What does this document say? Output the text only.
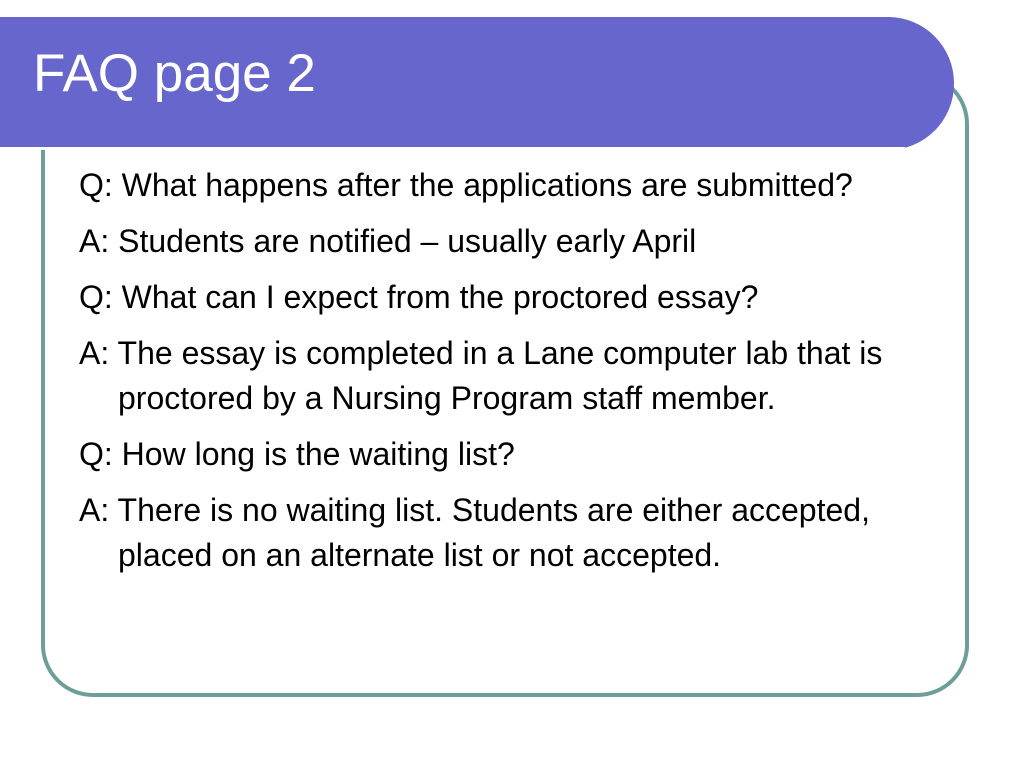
FAQ page 2
Q: What happens after the applications are submitted?
A: Students are notified – usually early April
Q: What can I expect from the proctored essay?
A: The essay is completed in a Lane computer lab that is proctored by a Nursing Program staff member.
Q: How long is the waiting list?
A: There is no waiting list. Students are either accepted, placed on an alternate list or not accepted.
